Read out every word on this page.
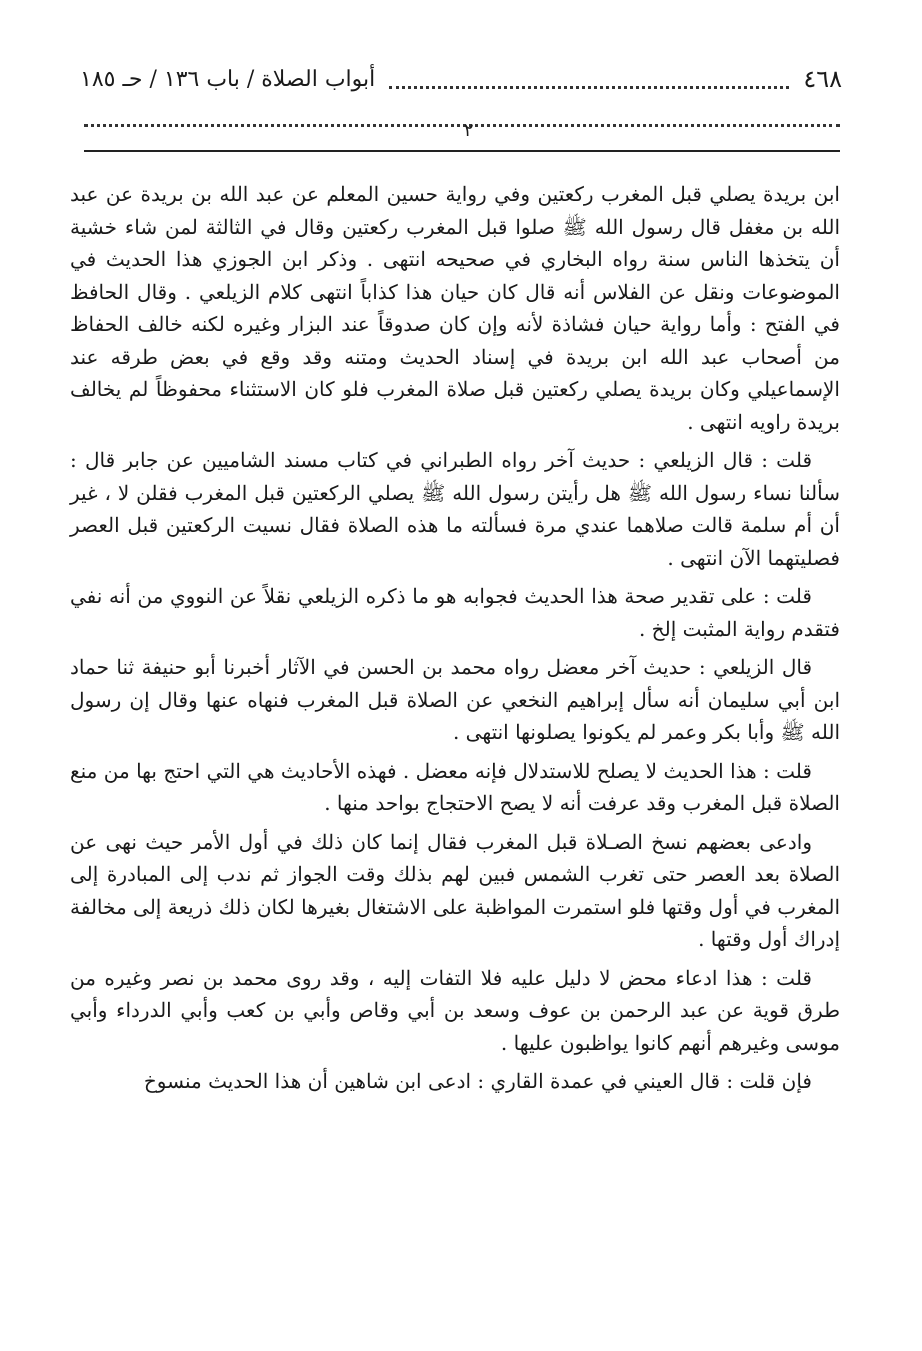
٤٦٨
أبواب الصلاة / باب ١٣٦ / حـ ١٨٥
٢

ابن بريدة يصلي قبل المغرب ركعتين وفي رواية حسين المعلم عن عبد الله بن بريدة عن عبد الله بن مغفل قال رسول الله ﷺ صلوا قبل المغرب ركعتين وقال في الثالثة لمن شاء خشية أن يتخذها الناس سنة رواه البخاري في صحيحه انتهى . وذكر ابن الجوزي هذا الحديث في الموضوعات ونقل عن الفلاس أنه قال كان حيان هذا كذاباً انتهى كلام الزيلعي . وقال الحافظ في الفتح : وأما رواية حيان فشاذة لأنه وإن كان صدوقاً عند البزار وغيره لكنه خالف الحفاظ من أصحاب عبد الله ابن بريدة في إسناد الحديث ومتنه وقد وقع في بعض طرقه عند الإسماعيلي وكان بريدة يصلي ركعتين قبل صلاة المغرب فلو كان الاستثناء محفوظاً لم يخالف بريدة راويه انتهى .

قلت : قال الزيلعي : حديث آخر رواه الطبراني في كتاب مسند الشاميين عن جابر قال : سألنا نساء رسول الله ﷺ هل رأيتن رسول الله ﷺ يصلي الركعتين قبل المغرب فقلن لا ، غير أن أم سلمة قالت صلاهما عندي مرة فسألته ما هذه الصلاة فقال نسيت الركعتين قبل العصر فصليتهما الآن انتهى .

قلت : على تقدير صحة هذا الحديث فجوابه هو ما ذكره الزيلعي نقلاً عن النووي من أنه نفي فتقدم رواية المثبت إلخ .

قال الزيلعي : حديث آخر معضل رواه محمد بن الحسن في الآثار أخبرنا أبو حنيفة ثنا حماد ابن أبي سليمان أنه سأل إبراهيم النخعي عن الصلاة قبل المغرب فنهاه عنها وقال إن رسول الله ﷺ وأبا بكر وعمر لم يكونوا يصلونها انتهى .

قلت : هذا الحديث لا يصلح للاستدلال فإنه معضل . فهذه الأحاديث هي التي احتج بها من منع الصلاة قبل المغرب وقد عرفت أنه لا يصح الاحتجاج بواحد منها .

وادعى بعضهم نسخ الصـلاة قبل المغرب فقال إنما كان ذلك في أول الأمر حيث نهى عن الصلاة بعد العصر حتى تغرب الشمس فبين لهم بذلك وقت الجواز ثم ندب إلى المبادرة إلى المغرب في أول وقتها فلو استمرت المواظبة على الاشتغال بغيرها لكان ذلك ذريعة إلى مخالفة إدراك أول وقتها .

قلت : هذا ادعاء محض لا دليل عليه فلا التفات إليه ، وقد روى محمد بن نصر وغيره من طرق قوية عن عبد الرحمن بن عوف وسعد بن أبي وقاص وأبي بن كعب وأبي الدرداء وأبي موسى وغيرهم أنهم كانوا يواظبون عليها .

فإن قلت : قال العيني في عمدة القاري : ادعى ابن شاهين أن هذا الحديث منسوخ
